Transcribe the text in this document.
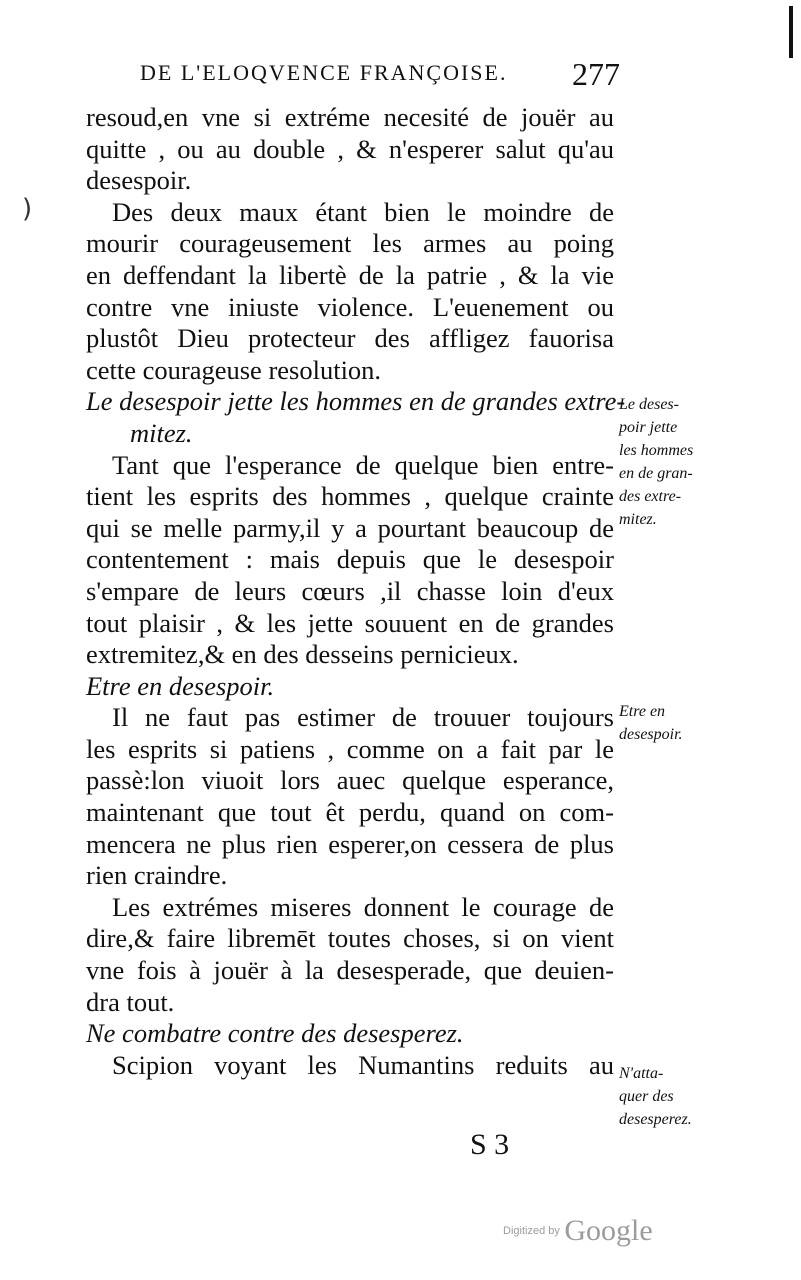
DE L'ELOQVENCE FRANÇOISE. 277
)
resoud,en vne si extréme necesité de jouër au
quitte , ou au double , & n'esperer salut qu'au
desespoir.
Des deux maux étant bien le moindre de
mourir courageusement les armes au poing
en deffendant la libertè de la patrie , & la vie
contre vne iniuste violence. L'euenement ou
plustôt Dieu protecteur des affligez fauorisa
cette courageuse resolution.
Le desespoir jette les hommes en de grandes extre-
mitez.
Tant que l'esperance de quelque bien entre-
tient les esprits des hommes , quelque crainte
qui se melle parmy,il y a pourtant beaucoup de
contentement : mais depuis que le desespoir
s'empare de leurs cœurs ,il chasse loin d'eux
tout plaisir , & les jette souuent en de grandes
extremitez,& en des desseins pernicieux.
Etre en desespoir.
Il ne faut pas estimer de trouuer toujours
les esprits si patiens , comme on a fait par le
passè:lon viuoit lors auec quelque esperance,
maintenant que tout êt perdu, quand on com-
mencera ne plus rien esperer,on cessera de plus
rien craindre.
Les extrémes miseres donnent le courage de
dire,& faire libremēt toutes choses, si on vient
vne fois à jouër à la desesperade, que deuien-
dra tout.
Ne combatre contre des desesperez.
Scipion voyant les Numantins reduits au
Le deses-
poir jette
les hommes
en de gran-
des extre-
mitez.
Etre en
desespoir.
N'atta-
quer des
desesperez.
S 3
Digitized by Google
